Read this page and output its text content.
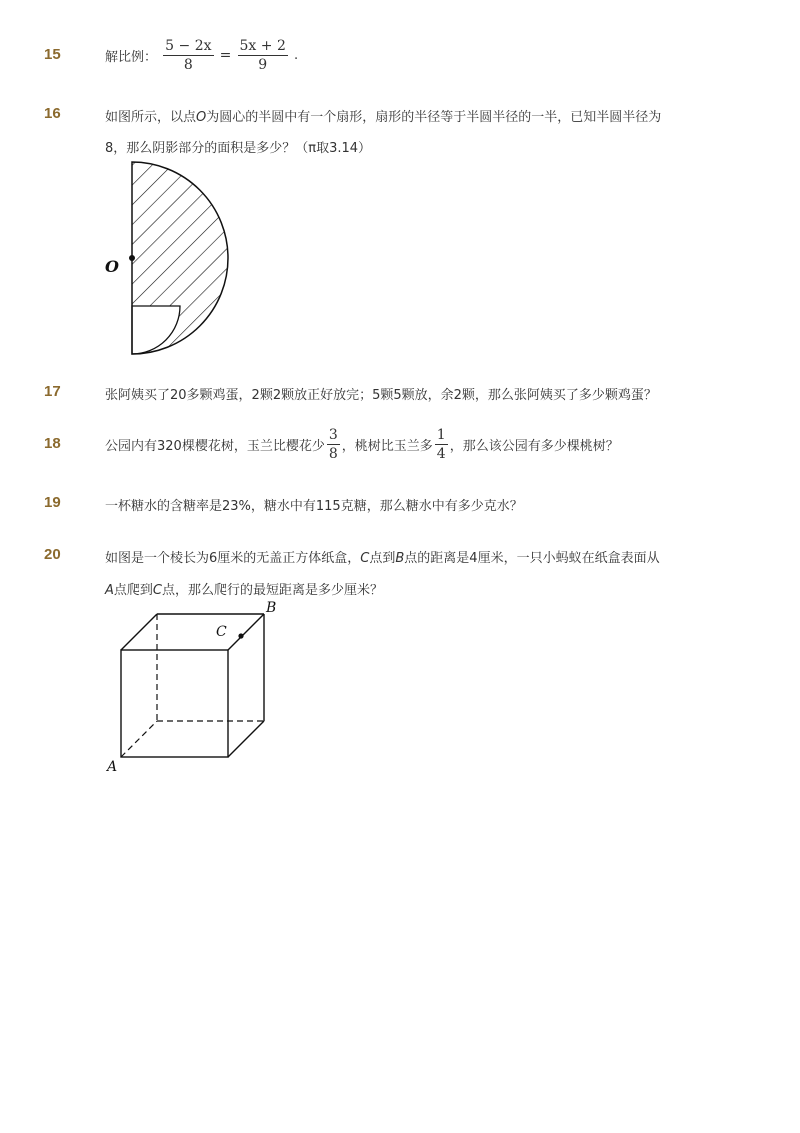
15	解比例： $\frac{5 - 2x}{8} = \frac{5x + 2}{9}$ .
16	如图所示，以点O为圆心的半圆中有一个扇形，扇形的半径等于半圆半径的一半，已知半圆半径为
8，那么阴影部分的面积是多少？（π取3.14）
O
17	张阿姨买了20多颗鸡蛋，2颗2颗放正好放完；5颗5颗放，余2颗，那么张阿姨买了多少颗鸡蛋？
18	公园内有320棵樱花树，玉兰比樱花少 $\frac{3}{8}$ ，桃树比玉兰多 $\frac{1}{4}$ ，那么该公园有多少棵桃树？
19	一杯糖水的含糖率是23%，糖水中有115克糖，那么糖水中有多少克水？
20	如图是一个棱长为6厘米的无盖正方体纸盒，C点到B点的距离是4厘米，一只小蚂蚁在纸盒表面从
A点爬到C点，那么爬行的最短距离是多少厘米？
A
B
C
